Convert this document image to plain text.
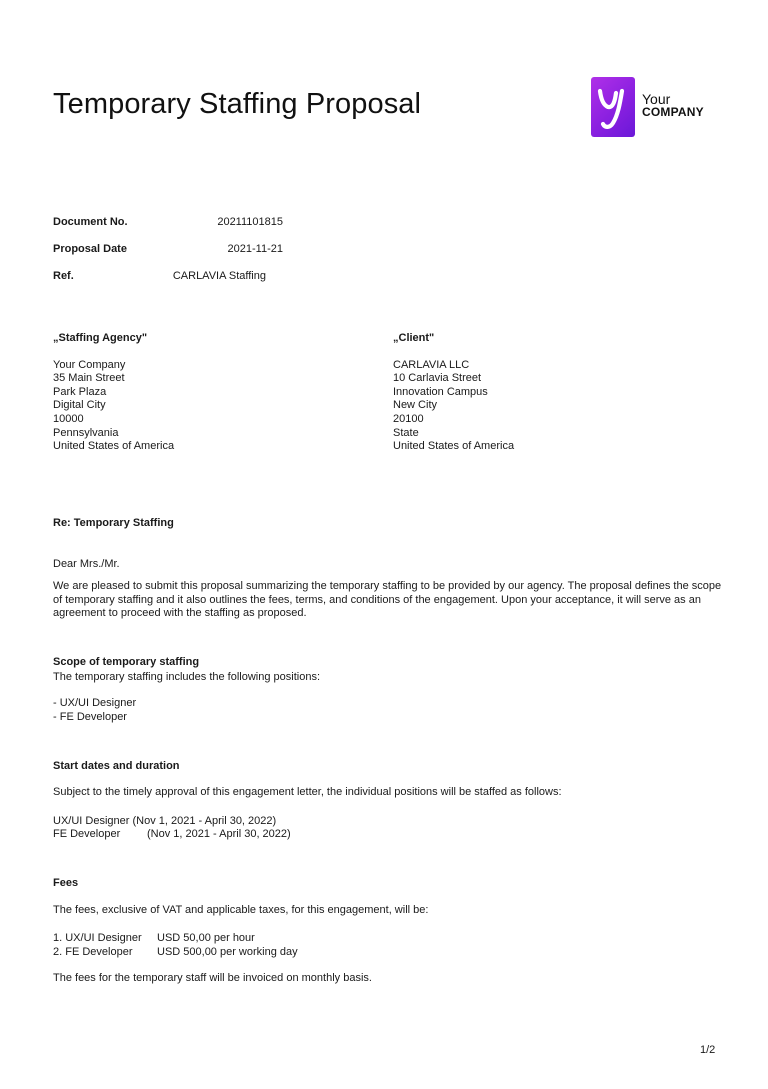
Temporary Staffing Proposal	Your
COMPANY
Document No.	20211101815
Proposal Date	2021-11-21
Ref.	CARLAVIA Staffing
„Staffing Agency"
Your Company
35 Main Street
Park Plaza
Digital City
10000
Pennsylvania
United States of America
„Client"
CARLAVIA LLC
10 Carlavia Street
Innovation Campus
New City
20100
State
United States of America
Re: Temporary Staffing
Dear Mrs./Mr.
We are pleased to submit this proposal summarizing the temporary staffing to be provided by our agency. The proposal defines the scope of temporary staffing and it also outlines the fees, terms, and conditions of the engagement. Upon your acceptance, it will serve as an agreement to proceed with the staffing as proposed.
Scope of temporary staffing
The temporary staffing includes the following positions:
- UX/UI Designer
- FE Developer
Start dates and duration
Subject to the timely approval of this engagement letter, the individual positions will be staffed as follows:
UX/UI Designer (Nov 1, 2021 - April 30, 2022)
FE Developer (Nov 1, 2021 - April 30, 2022)
Fees
The fees, exclusive of VAT and applicable taxes, for this engagement, will be:
1. UX/UI Designer USD 50,00 per hour
2. FE Developer USD 500,00 per working day
The fees for the temporary staff will be invoiced on monthly basis.
1/2
